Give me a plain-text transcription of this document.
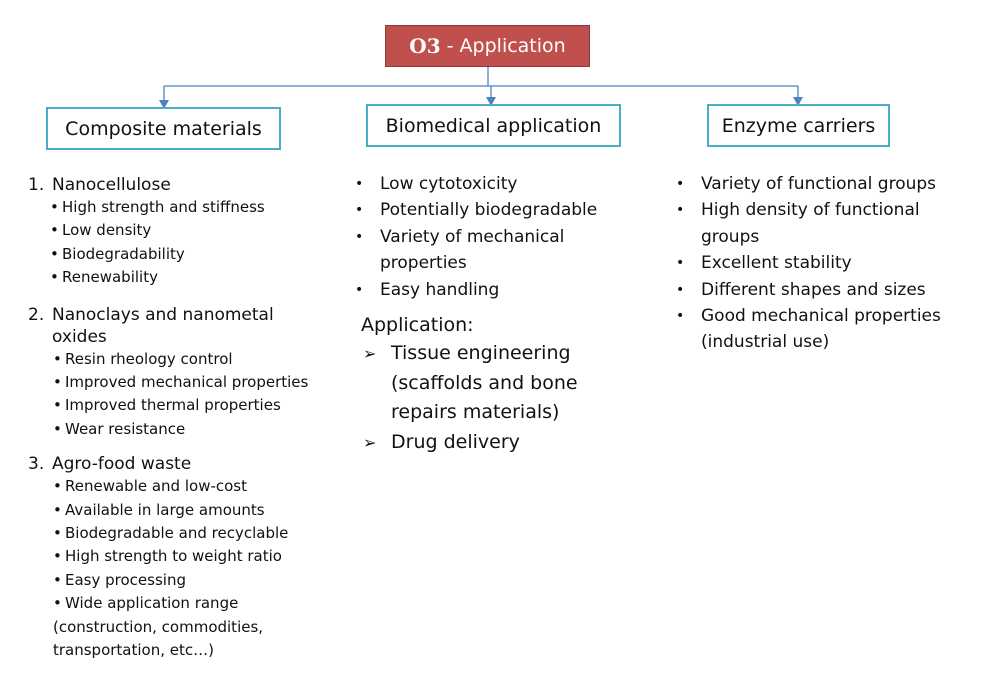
O3 - Application
Composite materials	Biomedical application	Enzyme carriers
1. Nanocellulose
• High strength and stiffness
• Low density
• Biodegradability
• Renewability
2. Nanoclays and nanometal oxides
• Resin rheology control
• Improved mechanical properties
• Improved thermal properties
• Wear resistance
3. Agro-food waste
• Renewable and low-cost
• Available in large amounts
• Biodegradable and recyclable
• High strength to weight ratio
• Easy processing
• Wide application range
(construction, commodities,
transportation, etc…)
• Low cytotoxicity
• Potentially biodegradable
• Variety of mechanical properties
• Easy handling
Application:
➢ Tissue engineering (scaffolds and bone repairs materials)
➢ Drug delivery
• Variety of functional groups
• High density of functional groups
• Excellent stability
• Different shapes and sizes
• Good mechanical properties (industrial use)
